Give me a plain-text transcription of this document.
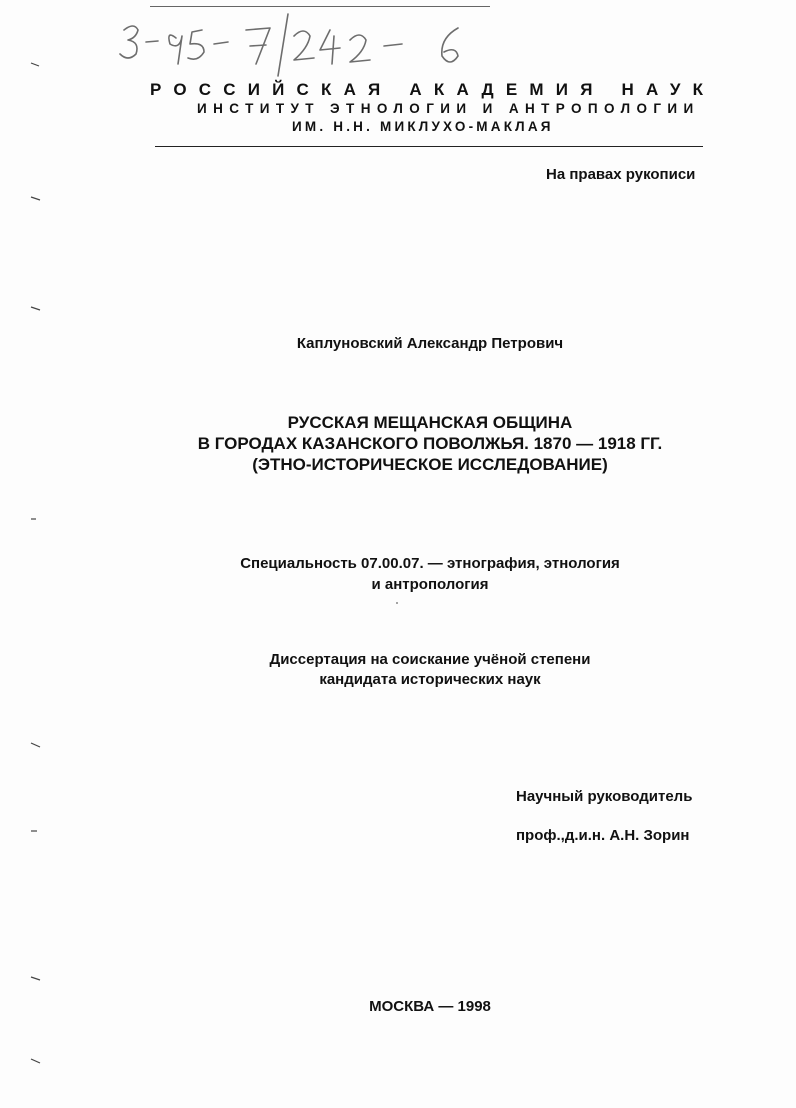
РОССИЙСКАЯ АКАДЕМИЯ НАУК
ИНСТИТУТ ЭТНОЛОГИИ И АНТРОПОЛОГИИ
ИМ. Н.Н. МИКЛУХО-МАКЛАЯ
На правах рукописи
Каплуновский Александр Петрович
РУССКАЯ МЕЩАНСКАЯ ОБЩИНА
В ГОРОДАХ КАЗАНСКОГО ПОВОЛЖЬЯ. 1870 — 1918 ГГ.
(ЭТНО-ИСТОРИЧЕСКОЕ ИССЛЕДОВАНИЕ)
Специальность 07.00.07. — этнография, этнология
и антропология
Диссертация на соискание учёной степени
кандидата исторических наук
Научный руководитель
проф.,д.и.н. А.Н. Зорин
МОСКВА — 1998
